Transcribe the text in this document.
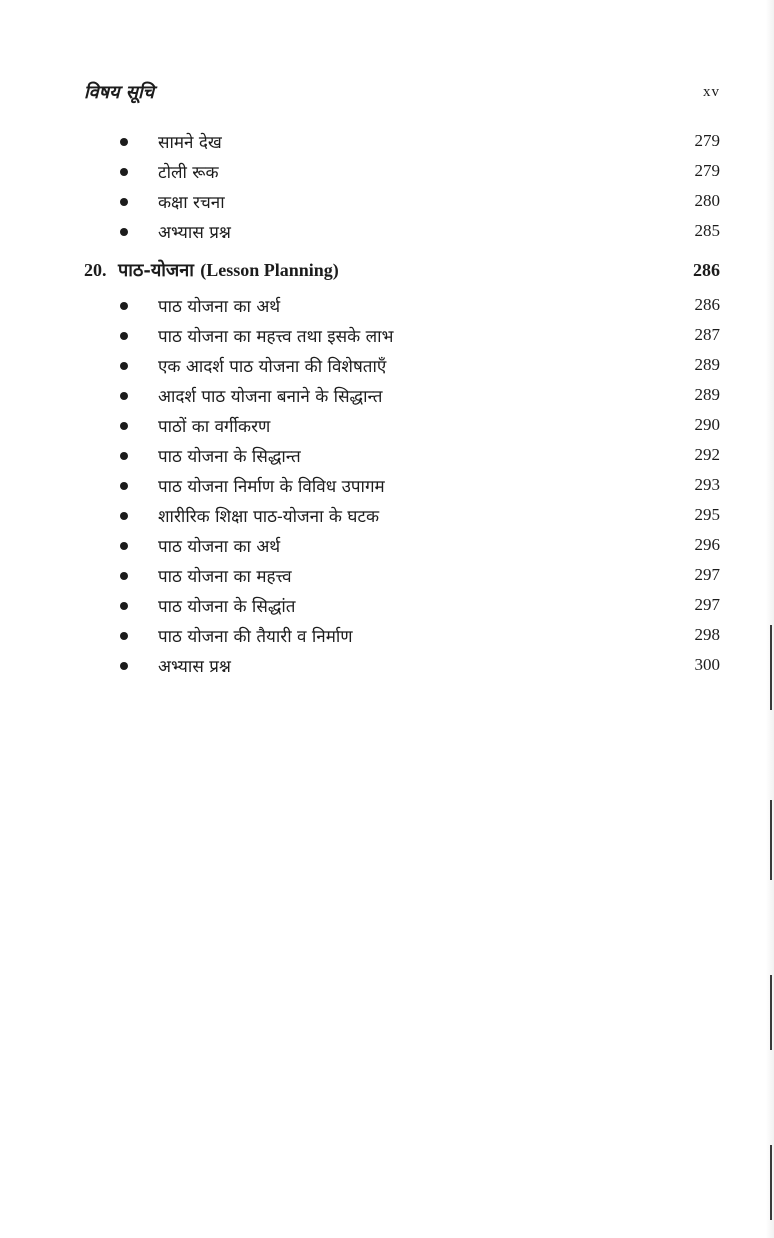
विषय सूचि	xv
सामने देख	279
टोली रूक	279
कक्षा रचना	280
अभ्यास प्रश्न	285
20. पाठ-योजना (Lesson Planning)	286
पाठ योजना का अर्थ	286
पाठ योजना का महत्त्व तथा इसके लाभ	287
एक आदर्श पाठ योजना की विशेषताएँ	289
आदर्श पाठ योजना बनाने के सिद्धान्त	289
पाठों का वर्गीकरण	290
पाठ योजना के सिद्धान्त	292
पाठ योजना निर्माण के विविध उपागम	293
शारीरिक शिक्षा पाठ-योजना के घटक	295
पाठ योजना का अर्थ	296
पाठ योजना का महत्त्व	297
पाठ योजना के सिद्धांत	297
पाठ योजना की तैयारी व निर्माण	298
अभ्यास प्रश्न	300
